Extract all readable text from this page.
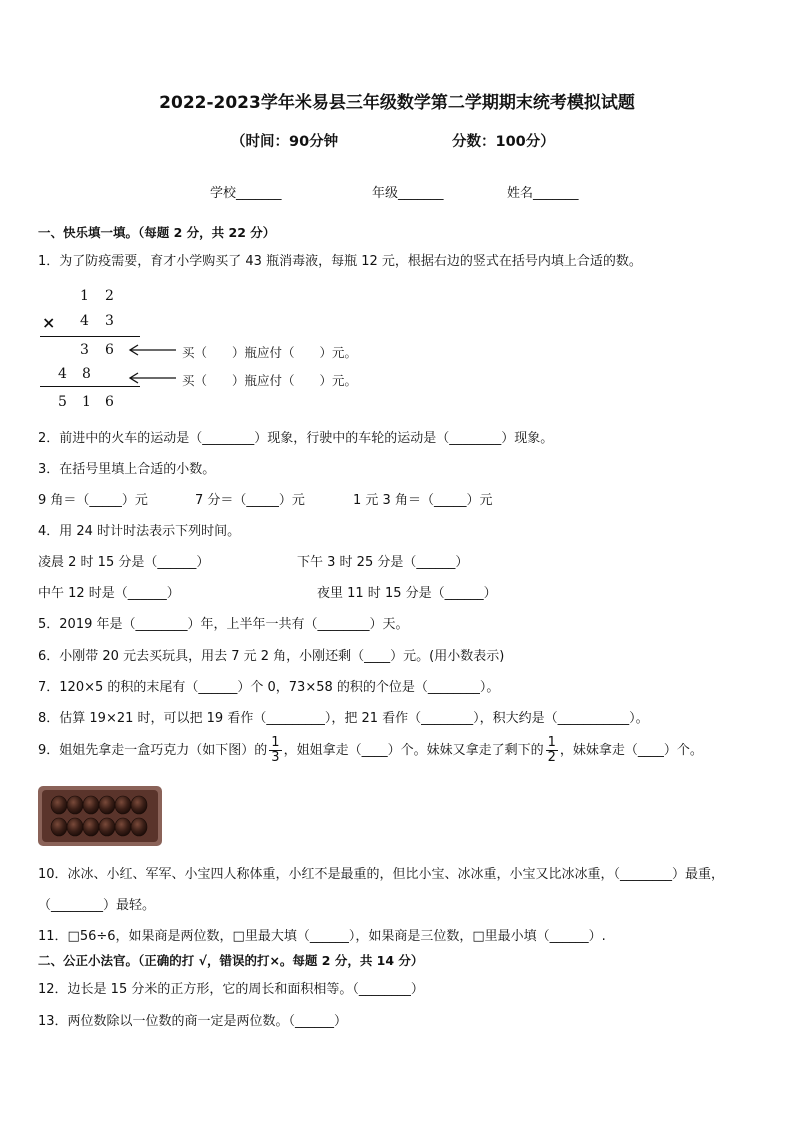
2022-2023学年米易县三年级数学第二学期期末统考模拟试题
（时间：90分钟	分数：100分）
学校_______	年级_______	姓名_______
一、快乐填一填。（每题 2 分，共 22 分）
1．为了防疫需要，育才小学购买了 43 瓶消毒液，每瓶 12 元，根据右边的竖式在括号内填上合适的数。
1 2
× 4 3
3 6
4 8
5 1 6
买（　　）瓶应付（　　）元。
买（　　）瓶应付（　　）元。
2．前进中的火车的运动是（________）现象，行驶中的车轮的运动是（________）现象。
3．在括号里填上合适的小数。
9 角＝（_____）元	7 分＝（_____）元	1 元 3 角＝（_____）元
4．用 24 时计时法表示下列时间。
凌晨 2 时 15 分是（______）	下午 3 时 25 分是（______）
中午 12 时是（______）	夜里 11 时 15 分是（______）
5．2019 年是（________）年，上半年一共有（________）天。
6．小刚带 20 元去买玩具，用去 7 元 2 角，小刚还剩（____）元。(用小数表示)
7．120×5 的积的末尾有（______）个 0，73×58 的积的个位是（________）。
8．估算 19×21 时，可以把 19 看作（_________），把 21 看作（________），积大约是（___________）。
9．姐姐先拿走一盒巧克力（如下图）的 $\frac{1}{3}$ ，姐姐拿走（____）个。妹妹又拿走了剩下的 $\frac{1}{2}$ ，妹妹拿走（____）个。
10．冰冰、小红、军军、小宝四人称体重，小红不是最重的，但比小宝、冰冰重，小宝又比冰冰重，（________）最重，
（________）最轻。
11．□56÷6，如果商是两位数，□里最大填（______），如果商是三位数，□里最小填（______）.
二、公正小法官。（正确的打 √，错误的打×。每题 2 分，共 14 分）
12．边长是 15 分米的正方形，它的周长和面积相等。（________）
13．两位数除以一位数的商一定是两位数。（______）
